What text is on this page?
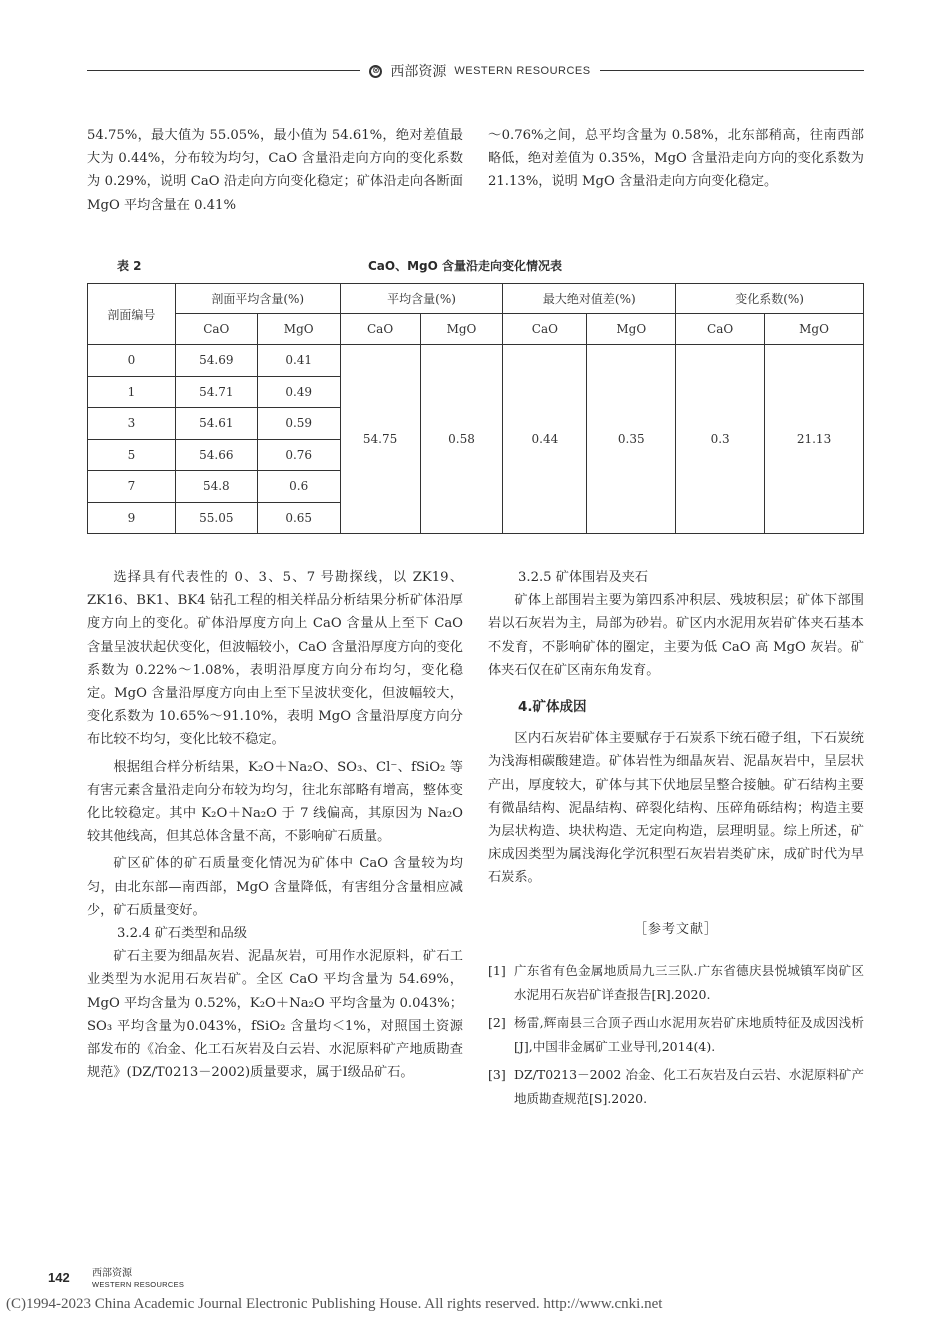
⊗ 西部资源 WESTERN RESOURCES

54.75%，最大值为 55.05%，最小值为 54.61%，绝对差值最大为 0.44%，分布较为均匀，CaO 含量沿走向方向的变化系数为 0.29%，说明 CaO 沿走向方向变化稳定；矿体沿走向各断面 MgO 平均含量在 0.41%

～0.76%之间，总平均含量为 0.58%，北东部稍高，往南西部略低，绝对差值为 0.35%，MgO 含量沿走向方向的变化系数为 21.13%，说明 MgO 含量沿走向方向变化稳定。

表 2	CaO、MgO 含量沿走向变化情况表
剖面编号	剖面平均含量(%)		平均含量(%)		最大绝对值差(%)		变化系数(%)	
	CaO	MgO	CaO	MgO	CaO	MgO	CaO	MgO
0	54.69	0.41	54.75	0.58	0.44	0.35	0.3	21.13
1	54.71	0.49						
3	54.61	0.59						
5	54.66	0.76						
7	54.8	0.6						
9	55.05	0.65						

选择具有代表性的 0、3、5、7 号勘探线，以 ZK19、ZK16、BK1、BK4 钻孔工程的相关样品分析结果分析矿体沿厚度方向上的变化。矿体沿厚度方向上 CaO 含量从上至下 CaO 含量呈波状起伏变化，但波幅较小，CaO 含量沿厚度方向的变化系数为 0.22%～1.08%，表明沿厚度方向分布均匀，变化稳定。MgO 含量沿厚度方向由上至下呈波状变化，但波幅较大，变化系数为 10.65%～91.10%，表明 MgO 含量沿厚度方向分布比较不均匀，变化比较不稳定。

根据组合样分析结果，K₂O＋Na₂O、SO₃、Cl⁻、fSiO₂ 等有害元素含量沿走向分布较为均匀，往北东部略有增高，整体变化比较稳定。其中 K₂O＋Na₂O 于 7 线偏高，其原因为 Na₂O 较其他线高，但其总体含量不高，不影响矿石质量。

矿区矿体的矿石质量变化情况为矿体中 CaO 含量较为均匀，由北东部—南西部，MgO 含量降低，有害组分含量相应减少，矿石质量变好。

3.2.4 矿石类型和品级

矿石主要为细晶灰岩、泥晶灰岩，可用作水泥原料，矿石工业类型为水泥用石灰岩矿。全区 CaO 平均含量为 54.69%，MgO 平均含量为 0.52%，K₂O＋Na₂O 平均含量为 0.043%；SO₃ 平均含量为0.043%，fSiO₂ 含量均＜1%，对照国土资源部发布的《冶金、化工石灰岩及白云岩、水泥原料矿产地质勘查规范》(DZ/T0213－2002)质量要求，属于Ⅰ级品矿石。

3.2.5 矿体围岩及夹石

矿体上部围岩主要为第四系冲积层、残坡积层；矿体下部围岩以石灰岩为主，局部为砂岩。矿区内水泥用灰岩矿体夹石基本不发育，不影响矿体的圈定，主要为低 CaO 高 MgO 灰岩。矿体夹石仅在矿区南东角发育。

4.矿体成因

区内石灰岩矿体主要赋存于石炭系下统石磴子组，下石炭统为浅海相碳酸建造。矿体岩性为细晶灰岩、泥晶灰岩中，呈层状产出，厚度较大，矿体与其下伏地层呈整合接触。矿石结构主要有微晶结构、泥晶结构、碎裂化结构、压碎角砾结构；构造主要为层状构造、块状构造、无定向构造，层理明显。综上所述，矿床成因类型为属浅海化学沉积型石灰岩岩类矿床，成矿时代为早石炭系。

［参考文献］
[1] 广东省有色金属地质局九三三队.广东省德庆县悦城镇军岗矿区水泥用石灰岩矿详查报告[R].2020.
[2] 杨雷,辉南县三合顶子西山水泥用灰岩矿床地质特征及成因浅析[J],中国非金属矿工业导刊,2014(4).
[3] DZ/T0213－2002 冶金、化工石灰岩及白云岩、水泥原料矿产地质勘查规范[S].2020.
142 西部资源
WESTERN RESOURCES
(C)1994-2023 China Academic Journal Electronic Publishing House. All rights reserved. http://www.cnki.net
